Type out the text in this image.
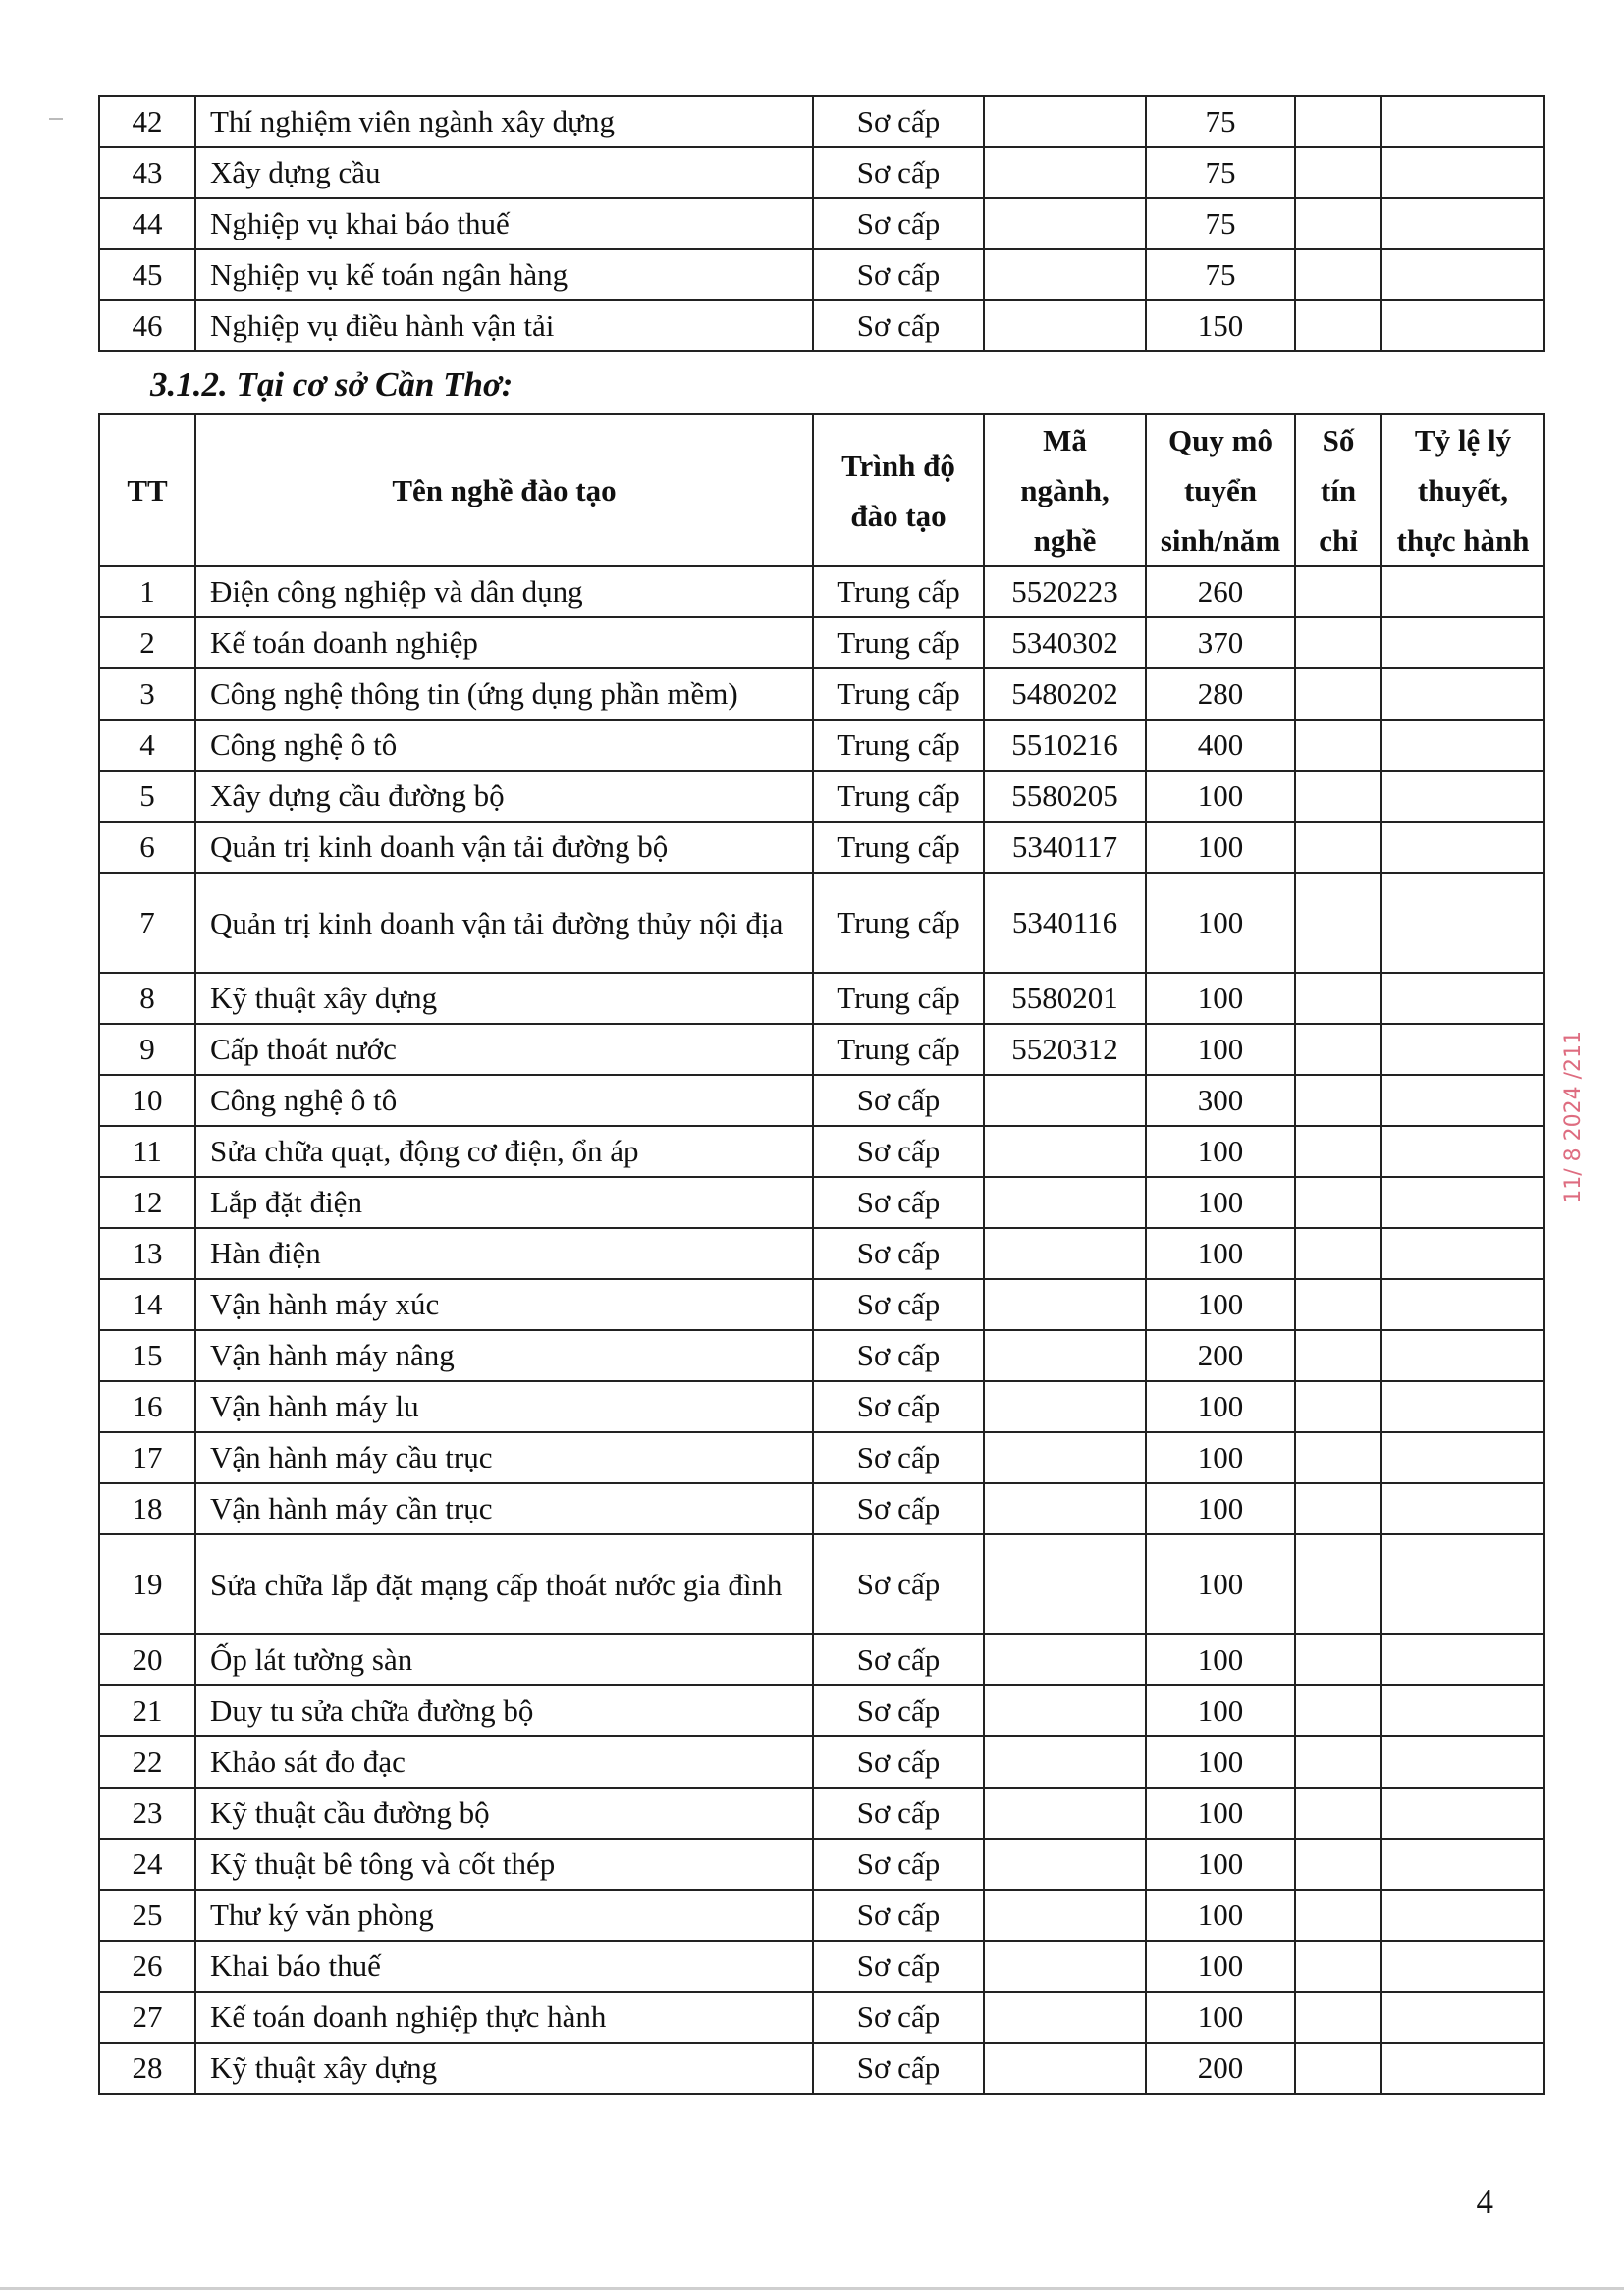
42	Thí nghiệm viên ngành xây dựng	Sơ cấp		75		
43	Xây dựng cầu	Sơ cấp		75		
44	Nghiệp vụ khai báo thuế	Sơ cấp		75		
45	Nghiệp vụ kế toán ngân hàng	Sơ cấp		75		
46	Nghiệp vụ điều hành vận tải	Sơ cấp		150		
3.1.2. Tại cơ sở Cần Thơ:
TT	Tên nghề đào tạo	Trình độ đào tạo	Mã ngành, nghề	Quy mô tuyển sinh/năm	Số tín chỉ	Tỷ lệ lý thuyết, thực hành
1	Điện công nghiệp và dân dụng	Trung cấp	5520223	260		
2	Kế toán doanh nghiệp	Trung cấp	5340302	370		
3	Công nghệ thông tin (ứng dụng phần mềm)	Trung cấp	5480202	280		
4	Công nghệ ô tô	Trung cấp	5510216	400		
5	Xây dựng cầu đường bộ	Trung cấp	5580205	100		
6	Quản trị kinh doanh vận tải đường bộ	Trung cấp	5340117	100		
7	Quản trị kinh doanh vận tải đường thủy nội địa	Trung cấp	5340116	100		
8	Kỹ thuật xây dựng	Trung cấp	5580201	100		
9	Cấp thoát nước	Trung cấp	5520312	100		
10	Công nghệ ô tô	Sơ cấp		300		
11	Sửa chữa quạt, động cơ điện, ổn áp	Sơ cấp		100		
12	Lắp đặt điện	Sơ cấp		100		
13	Hàn điện	Sơ cấp		100		
14	Vận hành máy xúc	Sơ cấp		100		
15	Vận hành máy nâng	Sơ cấp		200		
16	Vận hành máy lu	Sơ cấp		100		
17	Vận hành máy cầu trục	Sơ cấp		100		
18	Vận hành máy cần trục	Sơ cấp		100		
19	Sửa chữa lắp đặt mạng cấp thoát nước gia đình	Sơ cấp		100		
20	Ốp lát tường sàn	Sơ cấp		100		
21	Duy tu sửa chữa đường bộ	Sơ cấp		100		
22	Khảo sát đo đạc	Sơ cấp		100		
23	Kỹ thuật cầu đường bộ	Sơ cấp		100		
24	Kỹ thuật bê tông và cốt thép	Sơ cấp		100		
25	Thư ký văn phòng	Sơ cấp		100		
26	Khai báo thuế	Sơ cấp		100		
27	Kế toán doanh nghiệp thực hành	Sơ cấp		100		
28	Kỹ thuật xây dựng	Sơ cấp		200		
11/ 8 2024 /211
4
